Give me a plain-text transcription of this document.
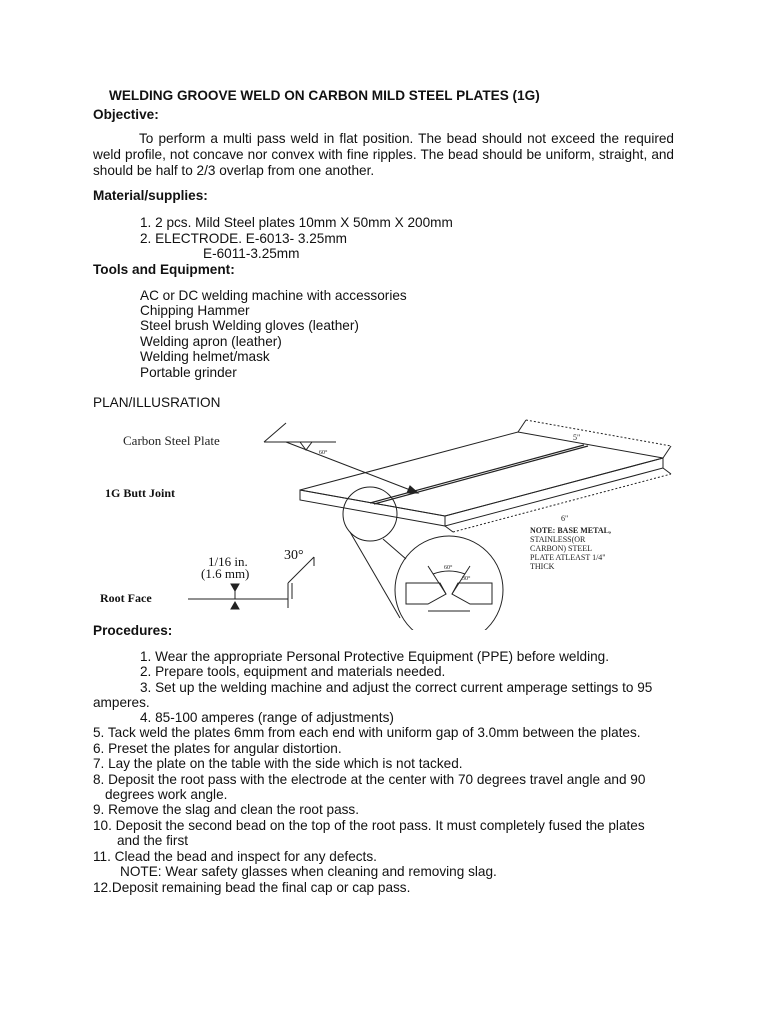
WELDING GROOVE WELD ON CARBON MILD STEEL PLATES (1G)
Objective:
To perform a multi pass weld in flat position. The bead should not exceed the required weld profile, not concave nor convex with fine ripples. The bead should be uniform, straight, and should be half to 2/3 overlap from one another.
Material/supplies:
1. 2 pcs. Mild Steel plates 10mm X 50mm X 200mm
2. ELECTRODE. E-6013- 3.25mm
E-6011-3.25mm
Tools and Equipment:
AC or DC welding machine with accessories
Chipping Hammer
Steel brush Welding gloves (leather)
Welding apron (leather)
Welding helmet/mask
Portable grinder
PLAN/ILLUSRATION
Carbon Steel Plate
1G Butt Joint
Root Face
1/16 in.
(1.6 mm)
30°
60°
60°
30°
5"
6"
NOTE: BASE METAL,
STAINLESS(OR
CARBON) STEEL
PLATE ATLEAST 1/4"
THICK
Procedures:
1. Wear the appropriate Personal Protective Equipment (PPE) before welding.
2. Prepare tools, equipment and materials needed.
3. Set up the welding machine and adjust the correct current amperage settings to 95
amperes.
4. 85-100 amperes (range of adjustments)
5. Tack weld the plates 6mm from each end with uniform gap of 3.0mm between the plates.
6. Preset the plates for angular distortion.
7. Lay the plate on the table with the side which is not tacked.
8. Deposit the root pass with the electrode at the center with 70 degrees travel angle and 90
degrees work angle.
9. Remove the slag and clean the root pass.
10. Deposit the second bead on the top of the root pass. It must completely fused the plates
and the first
11. Clead the bead and inspect for any defects.
NOTE: Wear safety glasses when cleaning and removing slag.
12.Deposit remaining bead the final cap or cap pass.
